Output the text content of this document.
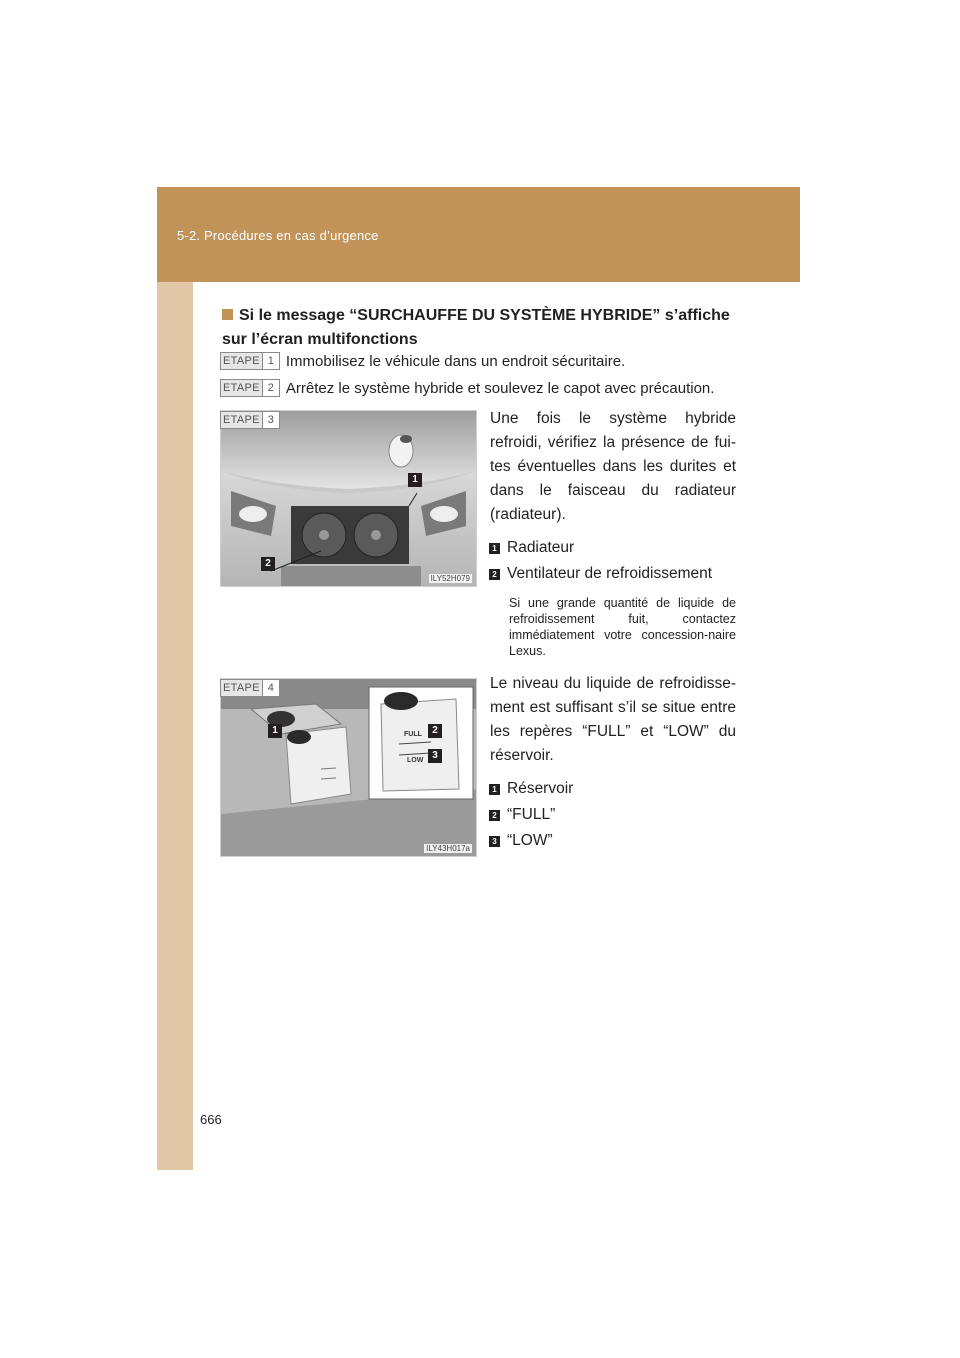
5-2. Procédures en cas d’urgence
Si le message “SURCHAUFFE DU SYSTÈME HYBRIDE” s’affiche sur l’écran multifonctions
ETAPE 1 Immobilisez le véhicule dans un endroit sécuritaire.
ETAPE 2 Arrêtez le système hybride et soulevez le capot avec précaution.
1
2
ILY52H079
ETAPE 3	Une fois le système hybride refroidi, vérifiez la présence de fui-tes éventuelles dans les durites et dans le faisceau du radiateur (radiateur).
1 Radiateur
2 Ventilateur de refroidissement
Si une grande quantité de liquide de refroidissement fuit, contactez immédiatement votre concession-naire Lexus.
FULL
LOW
1	2
3
ILY43H017a
ETAPE 4	Le niveau du liquide de refroidisse-ment est suffisant s’il se situe entre les repères “FULL” et “LOW” du réservoir.
1 Réservoir
2 “FULL”
3 “LOW”
666
